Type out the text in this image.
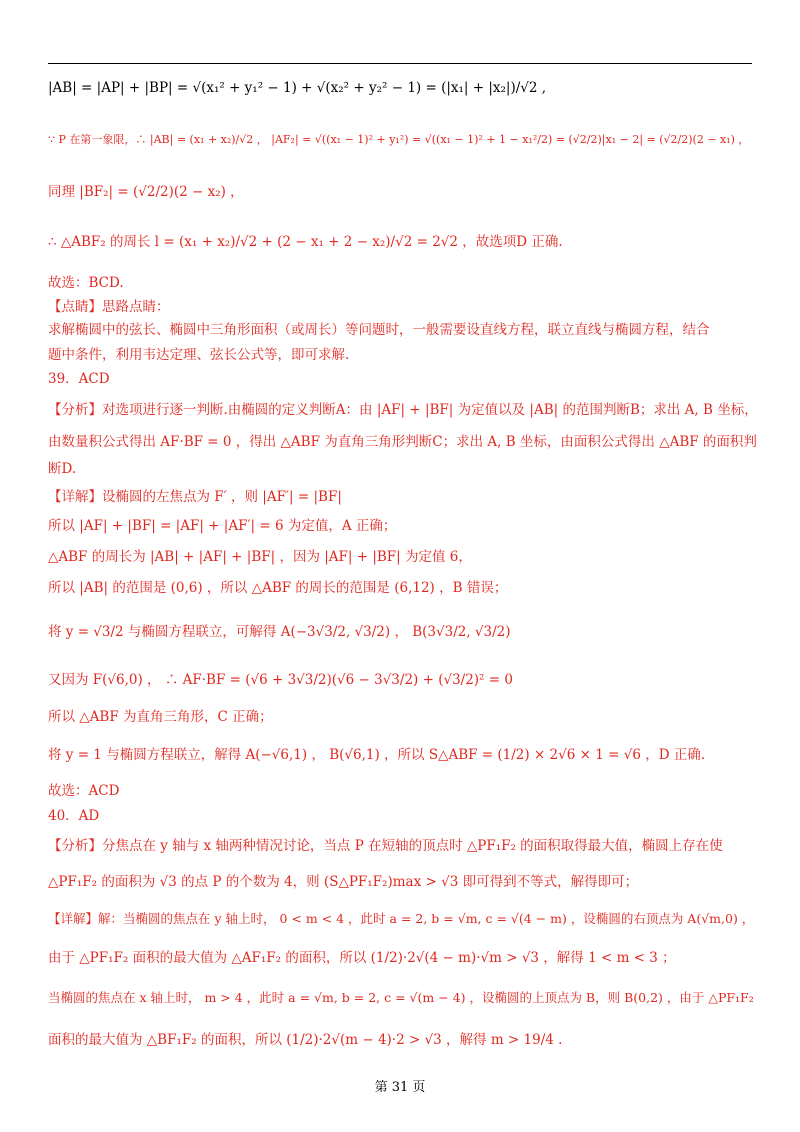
|AB| = |AP| + |BP| = √(x₁² + y₁² − 1) + √(x₂² + y₂² − 1) = (|x₁| + |x₂|)/√2 ,
∵ P 在第一象限，∴ |AB| = (x₁ + x₂)/√2 ， |AF₂| = √((x₁ − 1)² + y₁²) = √((x₁ − 1)² + 1 − x₁²/2) = (√2/2)|x₁ − 2| = (√2/2)(2 − x₁) ，
同理 |BF₂| = (√2/2)(2 − x₂) ，
∴ △ABF₂ 的周长 l = (x₁ + x₂)/√2 + (2 − x₁ + 2 − x₂)/√2 = 2√2 ，故选项D 正确.
故选：BCD.
【点睛】思路点睛：
求解椭圆中的弦长、椭圆中三角形面积（或周长）等问题时，一般需要设直线方程，联立直线与椭圆方程，结合
题中条件，利用韦达定理、弦长公式等，即可求解.
39．ACD
【分析】对选项进行逐一判断.由椭圆的定义判断A：由 |AF| + |BF| 为定值以及 |AB| 的范围判断B；求出 A, B 坐标，
由数量积公式得出 AF·BF = 0 ，得出 △ABF 为直角三角形判断C；求出 A, B 坐标，由面积公式得出 △ABF 的面积判
断D.
【详解】设椭圆的左焦点为 F′ ，则 |AF′| = |BF|
所以 |AF| + |BF| = |AF| + |AF′| = 6 为定值，A 正确；
△ABF 的周长为 |AB| + |AF| + |BF| ，因为 |AF| + |BF| 为定值 6，
所以 |AB| 的范围是 (0,6) ，所以 △ABF 的周长的范围是 (6,12) ，B 错误；
将 y = √3/2 与椭圆方程联立，可解得 A(−3√3/2, √3/2) ， B(3√3/2, √3/2)
又因为 F(√6,0) ， ∴ AF·BF = (√6 + 3√3/2)(√6 − 3√3/2) + (√3/2)² = 0
所以 △ABF 为直角三角形，C 正确；
将 y = 1 与椭圆方程联立，解得 A(−√6,1) ， B(√6,1) ，所以 S△ABF = (1/2) × 2√6 × 1 = √6 ，D 正确.
故选：ACD
40．AD
【分析】分焦点在 y 轴与 x 轴两种情况讨论，当点 P 在短轴的顶点时 △PF₁F₂ 的面积取得最大值，椭圆上存在使
△PF₁F₂ 的面积为 √3 的点 P 的个数为 4，则 (S△PF₁F₂)max > √3 即可得到不等式，解得即可；
【详解】解：当椭圆的焦点在 y 轴上时， 0 < m < 4 ，此时 a = 2, b = √m, c = √(4 − m) ，设椭圆的右顶点为 A(√m,0) ，
由于 △PF₁F₂ 面积的最大值为 △AF₁F₂ 的面积，所以 (1/2)·2√(4 − m)·√m > √3 ，解得 1 < m < 3 ；
当椭圆的焦点在 x 轴上时， m > 4 ，此时 a = √m, b = 2, c = √(m − 4) ，设椭圆的上顶点为 B，则 B(0,2) ，由于 △PF₁F₂
面积的最大值为 △BF₁F₂ 的面积，所以 (1/2)·2√(m − 4)·2 > √3 ，解得 m > 19/4 .
第 31 页
